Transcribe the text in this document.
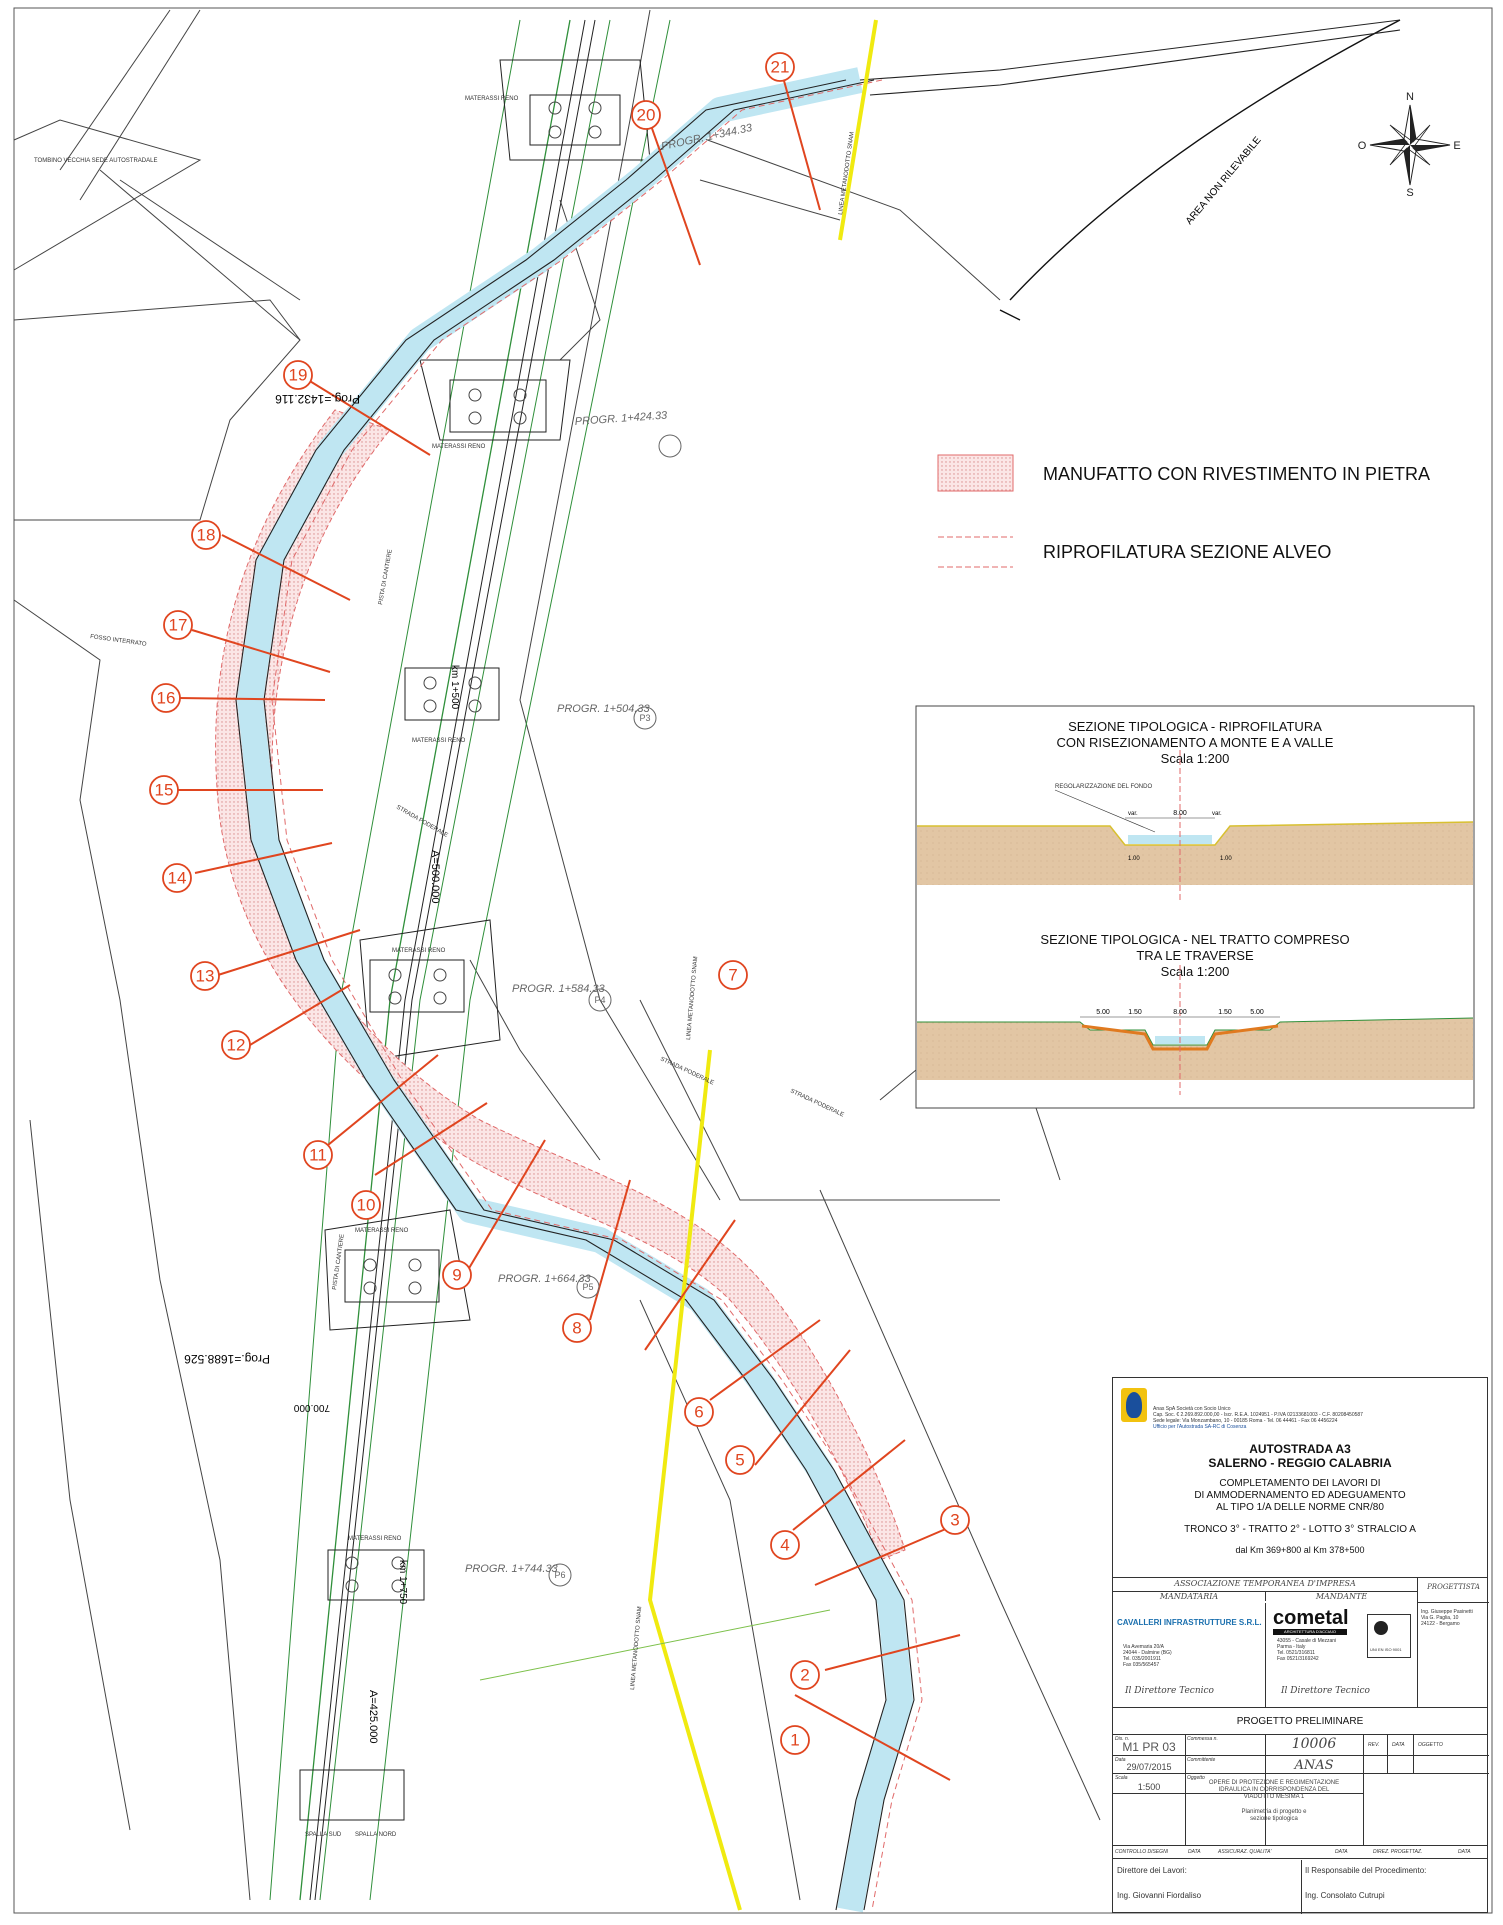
1
2
3
4
5
6
7
8
9
10
11
12
13
14
15
16
17
18
19
20
21
PROGR. 1+344.33
PROGR. 1+424.33
PROGR. 1+504.33
PROGR. 1+584.33
PROGR. 1+664.33
PROGR. 1+744.33
P3
P4
P5
P6
Prog.=1432.116
Prog.=1688.526
A=500.000
A=425.000
700.000
km 1+500
km 1+750
TOMBINO VECCHIA SEDE AUTOSTRADALE
MATERASSI RENO
MATERASSI RENO
MATERASSI RENO
MATERASSI RENO
MATERASSI RENO
MATERASSI RENO
FOSSO INTERRATO
PISTA DI CANTIERE
PISTA DI CANTIERE
STRADA PODERALE
STRADA PODERALE
STRADA PODERALE
LINEA METANODOTTO SNAM
LINEA METANODOTTO SNAM
LINEA METANODOTTO SNAM
SPALLA SUD SPALLA NORD
AREA NON RILEVABILE
N
S
E
O
MANUFATTO CON RIVESTIMENTO IN PIETRA
RIPROFILATURA SEZIONE ALVEO
SEZIONE TIPOLOGICA - RIPROFILATURA
CON RISEZIONAMENTO A MONTE E A VALLE
Scala 1:200
SEZIONE TIPOLOGICA - NEL TRATTO COMPRESO
TRA LE TRAVERSE
Scala 1:200
REGOLARIZZAZIONE DEL FONDO
8.00
var.	var.
1.00	1.00
5.00	1.50	8.00	1.50	5.00
Anas SpA Società con Socio Unico
Cap. Soc. € 2.269.892.000,00 - Iscr. R.E.A. 1024951 - P.IVA 02133681003 - C.F. 80208450587
Sede legale: Via Monzambano, 10 - 00185 Roma - Tel. 06 44461 - Fax 06 4456224
Ufficio per l'Autostrada SA-RC di Cosenza
AUTOSTRADA A3
SALERNO - REGGIO CALABRIA
COMPLETAMENTO DEI LAVORI DI
DI AMMODERNAMENTO ED ADEGUAMENTO
AL TIPO 1/A DELLE NORME CNR/80
TRONCO 3° - TRATTO 2° - LOTTO 3° STRALCIO A
dal Km 369+800 al Km 378+500
ASSOCIAZIONE TEMPORANEA D'IMPRESA
MANDATARIA	MANDANTE
PROGETTISTA
Ing. Giuseppe Pasinetti
Via G. Paglia, 10
24122 - Bergamo
CAVALLERI INFRASTRUTTURE S.R.L.
Via Avemaria 20/A
24044 - Dalmine (BG)
Tel. 035/2001911
Fax 035/565457
cometal
ARCHITETTURA D'ACCIAIO
43055 - Casale di Mezzani
Parma - Italy
Tel. 0521/316811
Fax 0521/3169242
UNI EN ISO 9001
Il Direttore Tecnico	Il Direttore Tecnico
PROGETTO PRELIMINARE
Dis. n.	Commessa n.
REV.	DATA	OGGETTO
M1 PR 03	10006
Data	Committente
29/07/2015	ANAS
Scala	Oggetto
1:500	OPERE DI PROTEZIONE E REGIMENTAZIONE
IDRAULICA IN CORRISPONDENZA DEL
VIADOTTO MESIMA 1
Planimetria di progetto e
sezione tipologica
CONTROLLO DISEGNI	DATA	ASSICURAZ. QUALITA'	DATA	DIREZ. PROGETTAZ.	DATA
Direttore dei Lavori:
Ing. Giovanni Fiordaliso
Il Responsabile del Procedimento:
Ing. Consolato Cutrupi
